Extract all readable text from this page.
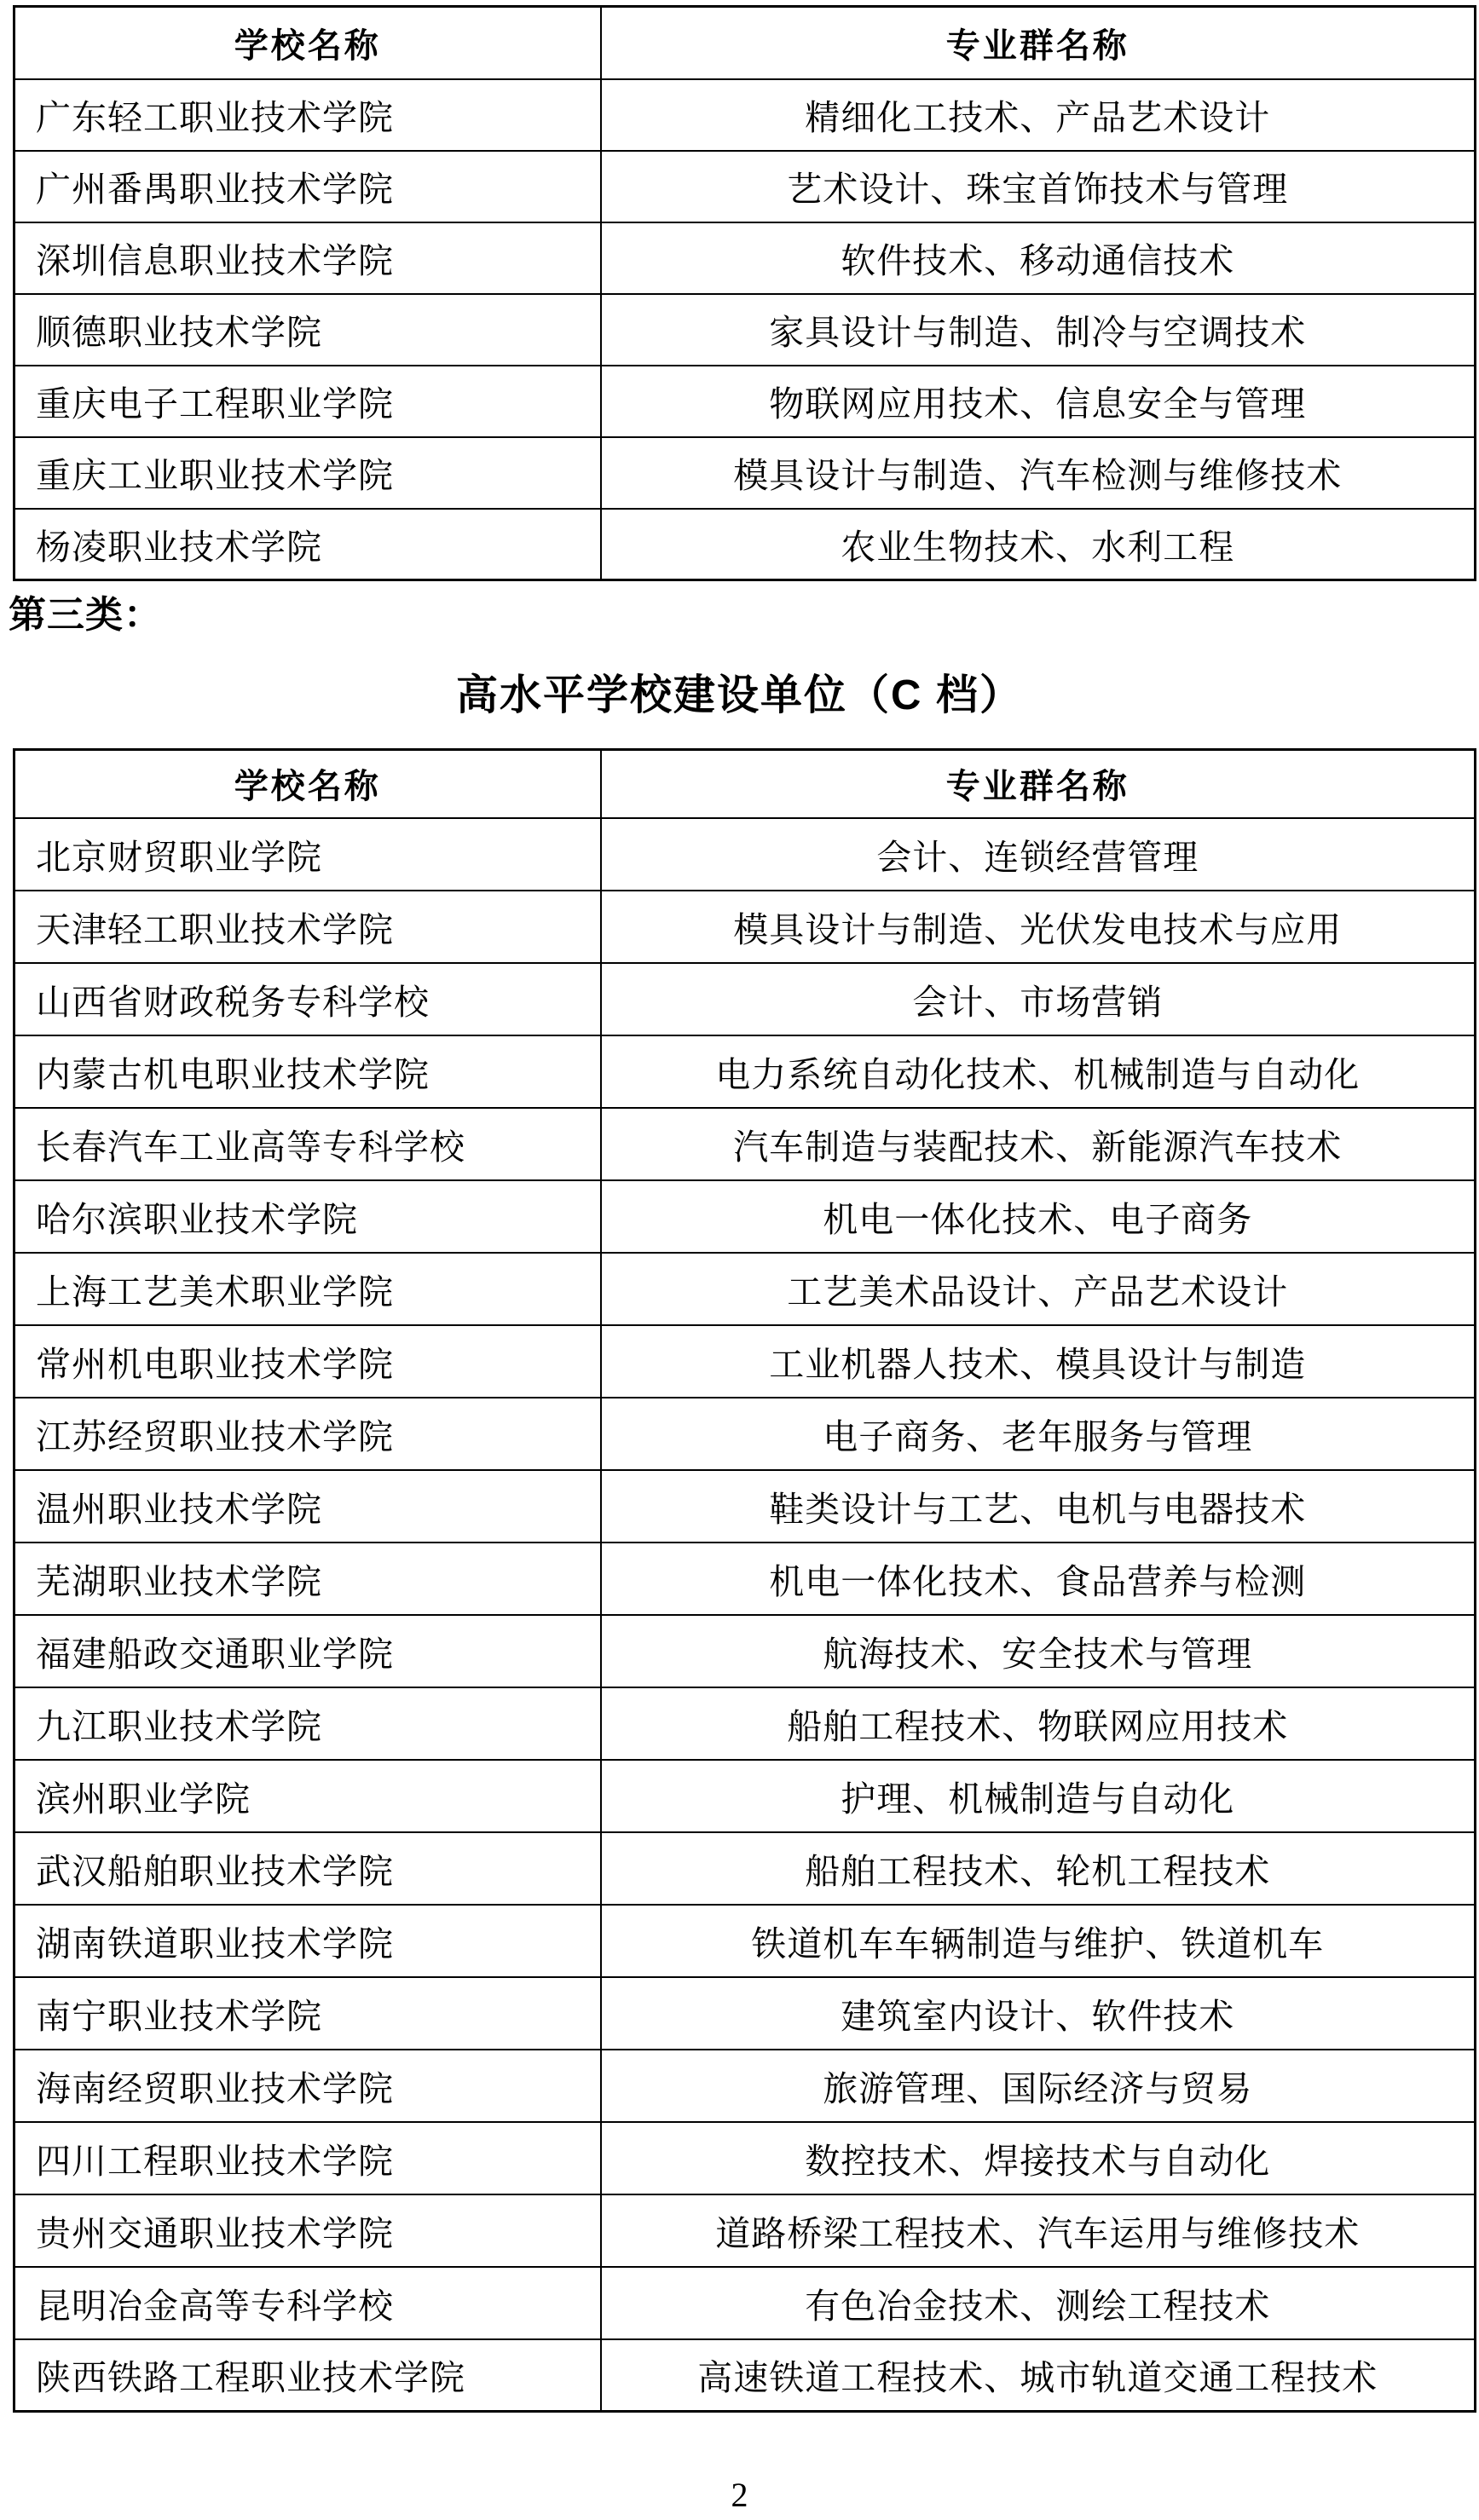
学校名称	专业群名称
广东轻工职业技术学院	精细化工技术、产品艺术设计
广州番禺职业技术学院	艺术设计、珠宝首饰技术与管理
深圳信息职业技术学院	软件技术、移动通信技术
顺德职业技术学院	家具设计与制造、制冷与空调技术
重庆电子工程职业学院	物联网应用技术、信息安全与管理
重庆工业职业技术学院	模具设计与制造、汽车检测与维修技术
杨凌职业技术学院	农业生物技术、水利工程
第三类：
高水平学校建设单位（C 档）
学校名称	专业群名称
北京财贸职业学院	会计、连锁经营管理
天津轻工职业技术学院	模具设计与制造、光伏发电技术与应用
山西省财政税务专科学校	会计、市场营销
内蒙古机电职业技术学院	电力系统自动化技术、机械制造与自动化
长春汽车工业高等专科学校	汽车制造与装配技术、新能源汽车技术
哈尔滨职业技术学院	机电一体化技术、电子商务
上海工艺美术职业学院	工艺美术品设计、产品艺术设计
常州机电职业技术学院	工业机器人技术、模具设计与制造
江苏经贸职业技术学院	电子商务、老年服务与管理
温州职业技术学院	鞋类设计与工艺、电机与电器技术
芜湖职业技术学院	机电一体化技术、食品营养与检测
福建船政交通职业学院	航海技术、安全技术与管理
九江职业技术学院	船舶工程技术、物联网应用技术
滨州职业学院	护理、机械制造与自动化
武汉船舶职业技术学院	船舶工程技术、轮机工程技术
湖南铁道职业技术学院	铁道机车车辆制造与维护、铁道机车
南宁职业技术学院	建筑室内设计、软件技术
海南经贸职业技术学院	旅游管理、国际经济与贸易
四川工程职业技术学院	数控技术、焊接技术与自动化
贵州交通职业技术学院	道路桥梁工程技术、汽车运用与维修技术
昆明冶金高等专科学校	有色冶金技术、测绘工程技术
陕西铁路工程职业技术学院	高速铁道工程技术、城市轨道交通工程技术
2
